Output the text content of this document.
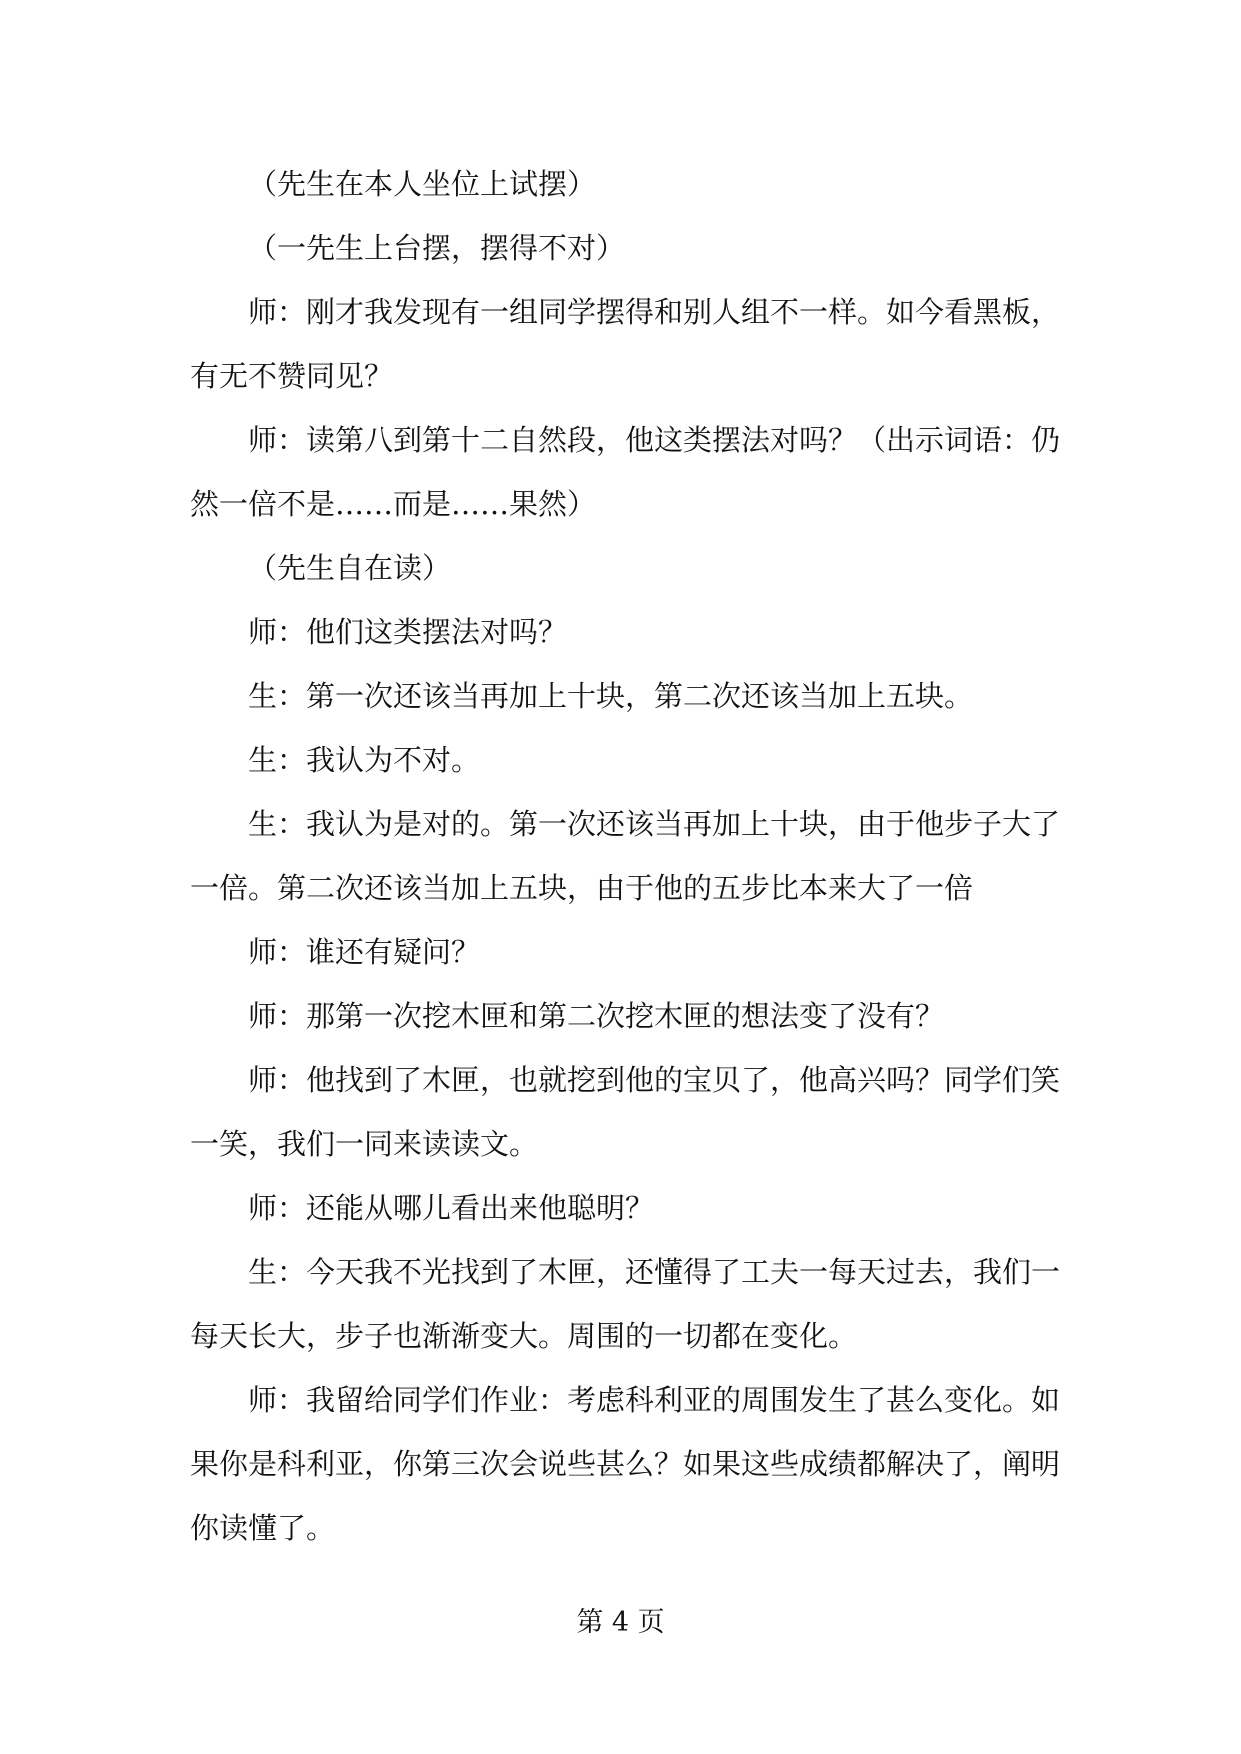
（先生在本人坐位上试摆）

（一先生上台摆，摆得不对）

师：刚才我发现有一组同学摆得和别人组不一样。如今看黑板，有无不赞同见？

师：读第八到第十二自然段，他这类摆法对吗？（出示词语：仍然一倍不是……而是……果然）

（先生自在读）

师：他们这类摆法对吗？

生：第一次还该当再加上十块，第二次还该当加上五块。

生：我认为不对。

生：我认为是对的。第一次还该当再加上十块，由于他步子大了一倍。第二次还该当加上五块，由于他的五步比本来大了一倍

师：谁还有疑问？

师：那第一次挖木匣和第二次挖木匣的想法变了没有？

师：他找到了木匣，也就挖到他的宝贝了，他高兴吗？同学们笑一笑，我们一同来读读文。

师：还能从哪儿看出来他聪明？

生：今天我不光找到了木匣，还懂得了工夫一每天过去，我们一每天长大，步子也渐渐变大。周围的一切都在变化。

师：我留给同学们作业：考虑科利亚的周围发生了甚么变化。如果你是科利亚，你第三次会说些甚么？如果这些成绩都解决了，阐明你读懂了。

第 4 页
